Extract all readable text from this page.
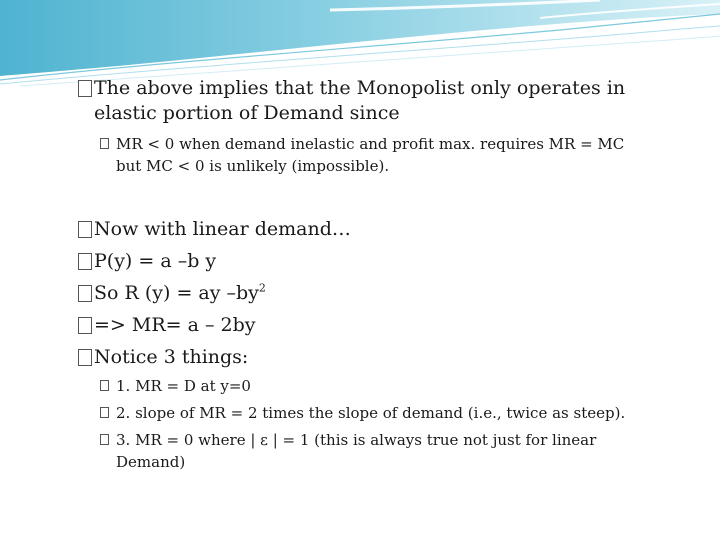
The above implies that the Monopolist only operates in
elastic portion of Demand since

MR < 0 when demand inelastic and profit max. requires MR = MC
but MC < 0 is unlikely (impossible).

Now with linear demand…

P(y) = a –b y

So R (y) = ay $-by^2$

=> MR= a – 2by

Notice 3 things:

1. MR = D at y=0

2. slope of MR = 2 times the slope of demand (i.e., twice as steep).

3. MR = 0 where | ε | = 1 (this is always true not just for linear
Demand)
